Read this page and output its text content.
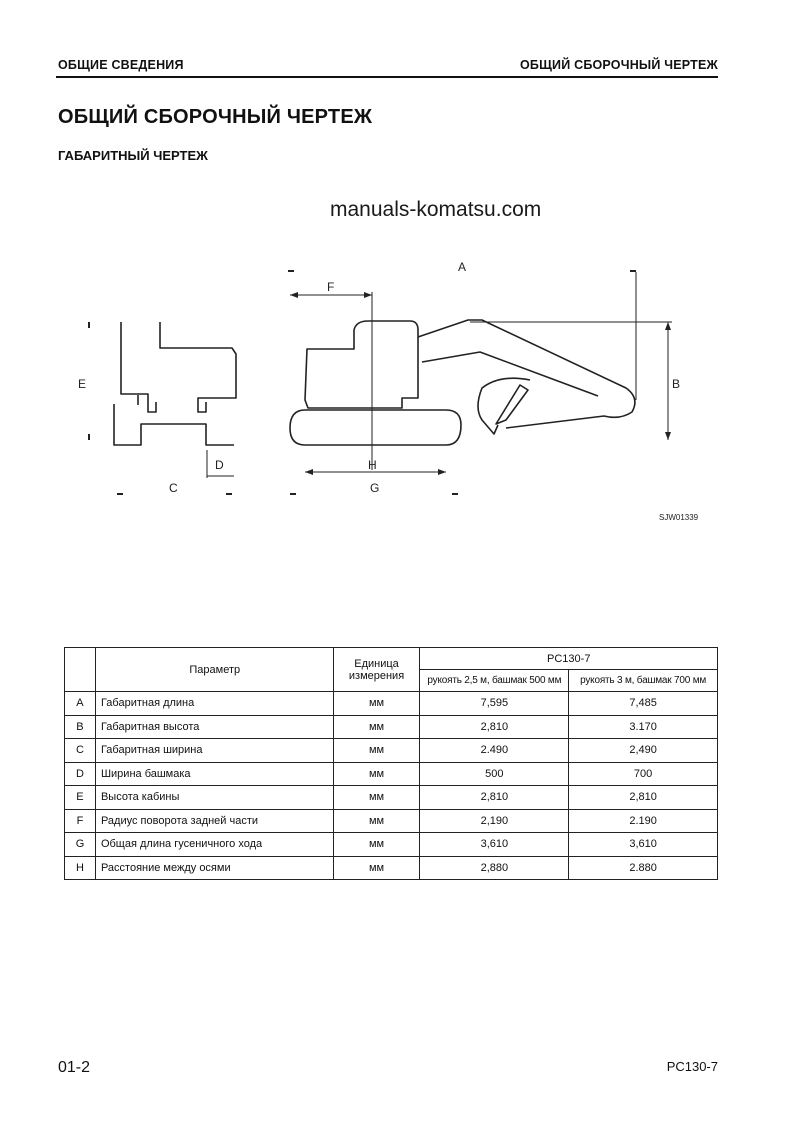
ОБЩИЕ СВЕДЕНИЯ	ОБЩИЙ СБОРОЧНЫЙ ЧЕРТЕЖ
ОБЩИЙ СБОРОЧНЫЙ ЧЕРТЕЖ
ГАБАРИТНЫЙ ЧЕРТЕЖ
manuals-komatsu.com
A
F
B
E
D	H
C	G
SJW01339
	Параметр	Единица измерения	PC130-7	
			рукоять 2,5 м, башмак 500 мм	рукоять 3 м, башмак 700 мм
A	Габаритная длина	мм	7,595	7,485
B	Габаритная высота	мм	2,810	3.170
C	Габаритная ширина	мм	2.490	2,490
D	Ширина башмака	мм	500	700
E	Высота кабины	мм	2,810	2,810
F	Радиус поворота задней части	мм	2,190	2.190
G	Общая длина гусеничного хода	мм	3,610	3,610
H	Расстояние между осями	мм	2,880	2.880
01-2	PC130-7
